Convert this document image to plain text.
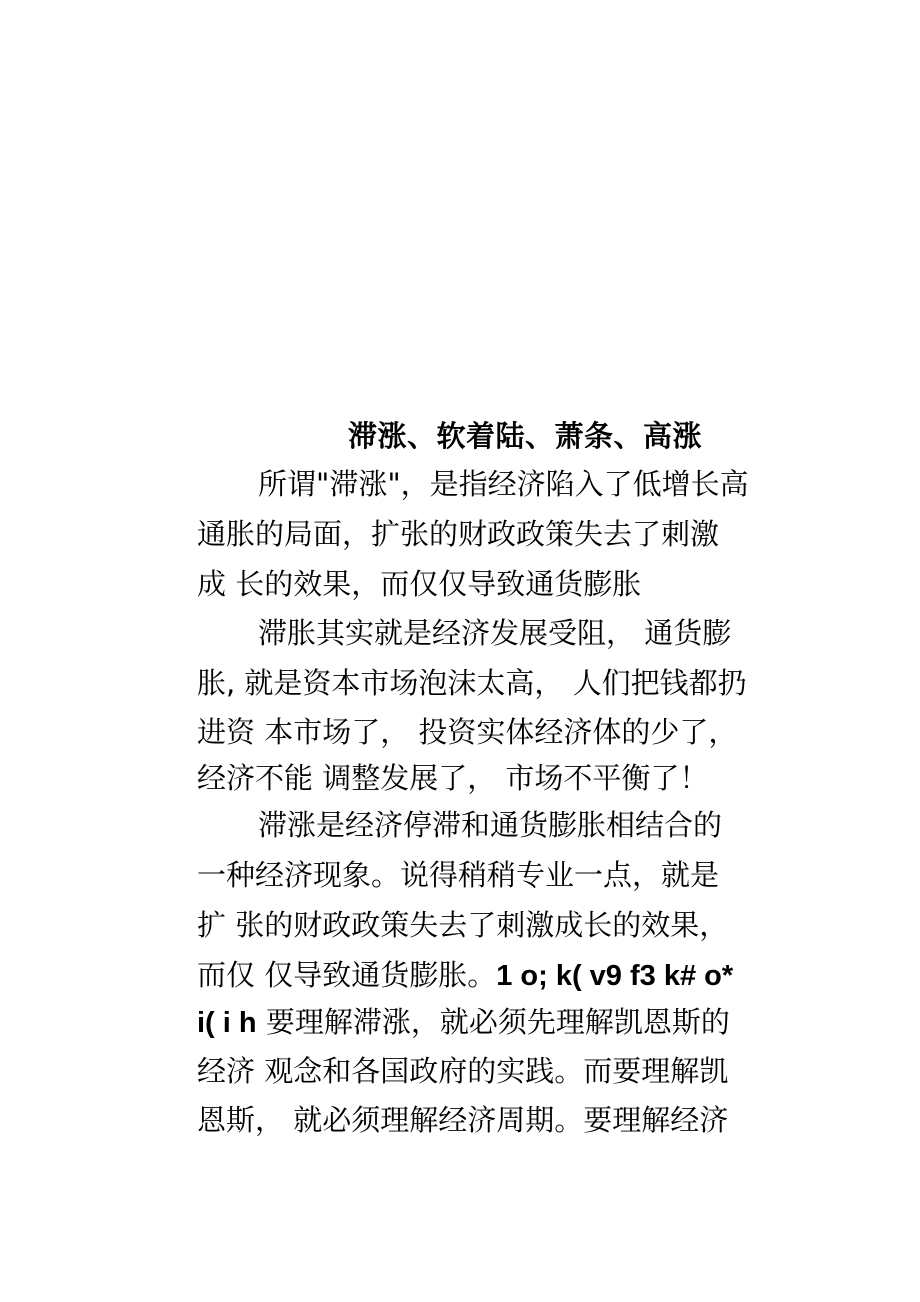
滞涨、软着陆、萧条、高涨
所谓"滞涨"，是指经济陷入了低增长高
通胀的局面，扩张的财政政策失去了刺激
成 长的效果，而仅仅导致通货膨胀
滞胀其实就是经济发展受阻， 通货膨
胀, 就是资本市场泡沫太高， 人们把钱都扔
进资 本市场了， 投资实体经济体的少了，
经济不能 调整发展了， 市场不平衡了！
滞涨是经济停滞和通货膨胀相结合的
一种经济现象。说得稍稍专业一点，就是
扩 张的财政政策失去了刺激成长的效果，
而仅 仅导致通货膨胀。1 o; k( v9 f3 k# o*
i( i h 要理解滞涨，就必须先理解凯恩斯的
经济 观念和各国政府的实践。而要理解凯
恩斯， 就必须理解经济周期。要理解经济
